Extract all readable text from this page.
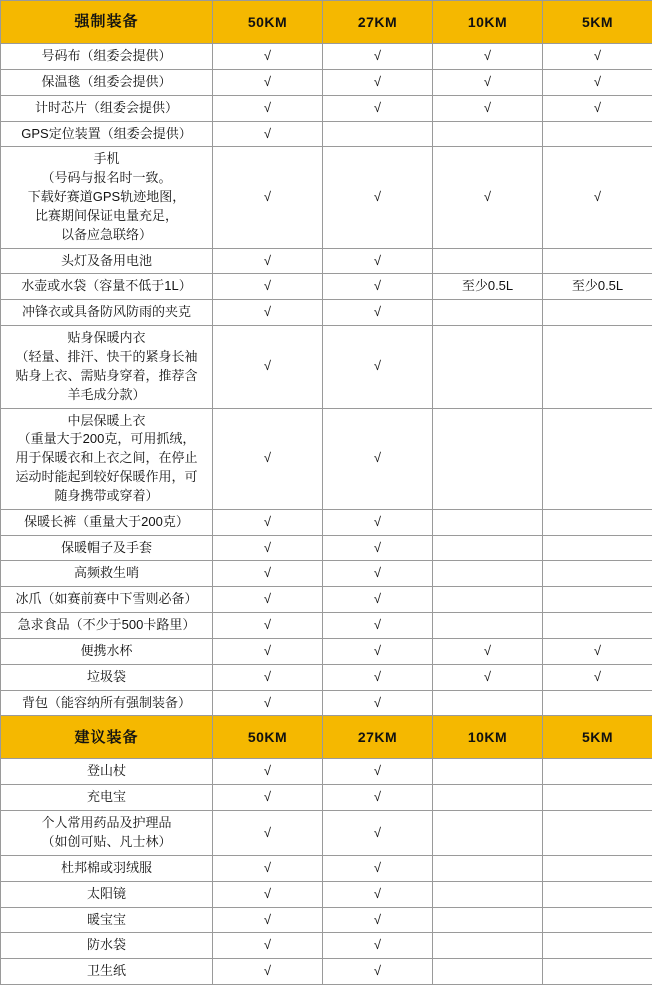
强制装备	50KM	27KM	10KM	5KM
号码布（组委会提供）	√	√	√	√
保温毯（组委会提供）	√	√	√	√
计时芯片（组委会提供）	√	√	√	√
GPS定位装置（组委会提供）	√			
手机
（号码与报名时一致。
下载好赛道GPS轨迹地图，
比赛期间保证电量充足，
以备应急联络）	√	√	√	√
头灯及备用电池	√	√		
水壶或水袋（容量不低于1L）	√	√	至少0.5L	至少0.5L
冲锋衣或具备防风防雨的夹克	√	√		
贴身保暖内衣
（轻量、排汗、快干的紧身长袖
贴身上衣、需贴身穿着，推荐含
羊毛成分款）	√	√		
中层保暖上衣
（重量大于200克，可用抓绒，
用于保暖衣和上衣之间，在停止
运动时能起到较好保暖作用，可
随身携带或穿着）	√	√		
保暖长裤（重量大于200克）	√	√		
保暖帽子及手套	√	√		
高频救生哨	√	√		
冰爪（如赛前赛中下雪则必备）	√	√		
急求食品（不少于500卡路里）	√	√		
便携水杯	√	√	√	√
垃圾袋	√	√	√	√
背包（能容纳所有强制装备）	√	√		
建议装备	50KM	27KM	10KM	5KM
登山杖	√	√		
充电宝	√	√		
个人常用药品及护理品
（如创可贴、凡士林）	√	√		
杜邦棉或羽绒服	√	√		
太阳镜	√	√		
暖宝宝	√	√		
防水袋	√	√		
卫生纸	√	√		
